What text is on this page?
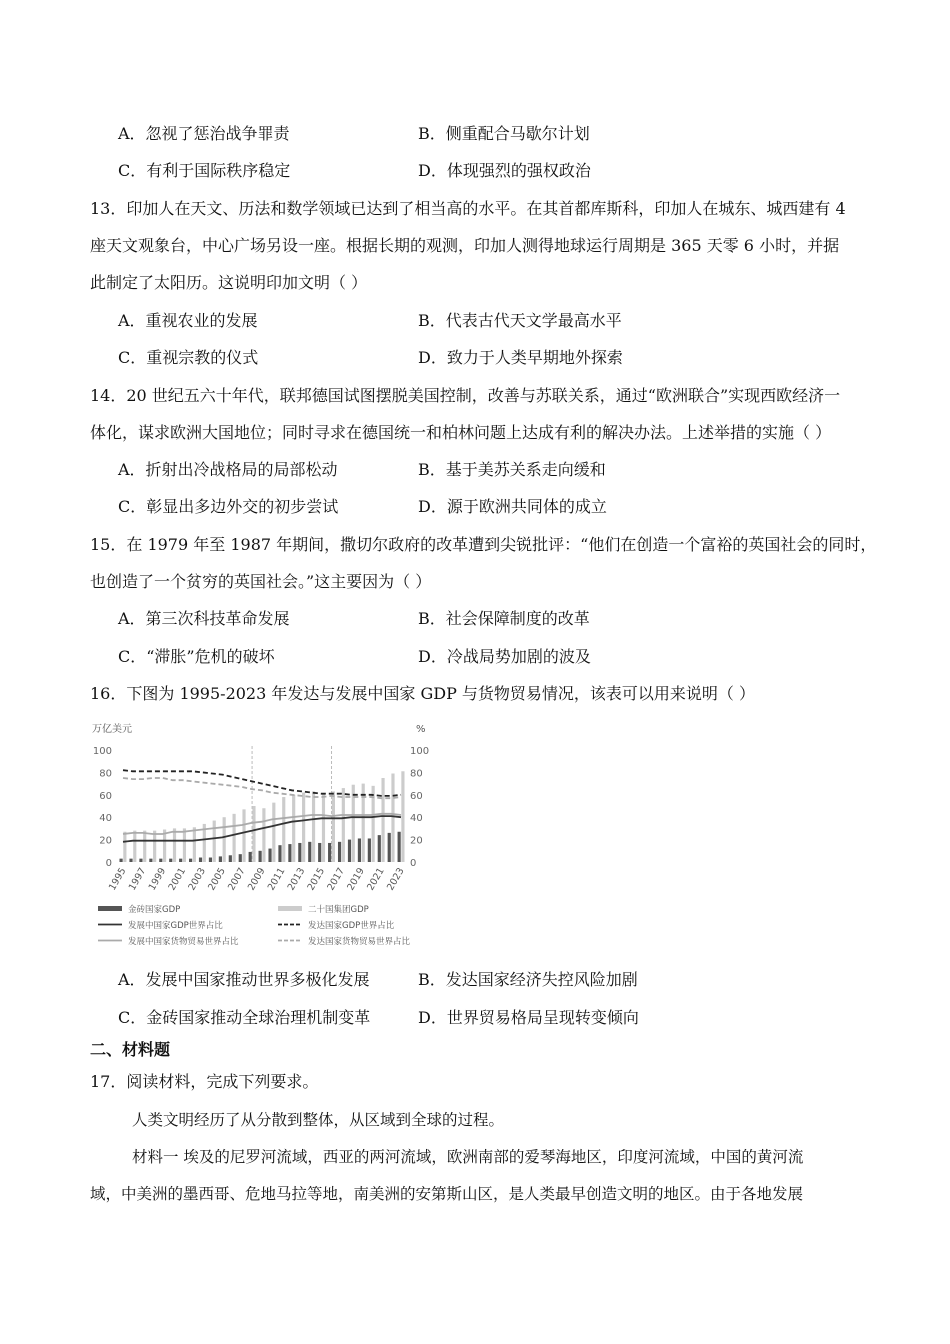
A．忽视了惩治战争罪责	B．侧重配合马歇尔计划
C．有利于国际秩序稳定	D．体现强烈的强权政治
13．印加人在天文、历法和数学领域已达到了相当高的水平。在其首都库斯科，印加人在城东、城西建有 4
座天文观象台，中心广场另设一座。根据长期的观测，印加人测得地球运行周期是 365 天零 6 小时，并据
此制定了太阳历。这说明印加文明（ ）
A．重视农业的发展	B．代表古代天文学最高水平
C．重视宗教的仪式	D．致力于人类早期地外探索
14．20 世纪五六十年代，联邦德国试图摆脱美国控制，改善与苏联关系，通过“欧洲联合”实现西欧经济一
体化，谋求欧洲大国地位；同时寻求在德国统一和柏林问题上达成有利的解决办法。上述举措的实施（ ）
A．折射出冷战格局的局部松动	B．基于美苏关系走向缓和
C．彰显出多边外交的初步尝试	D．源于欧洲共同体的成立
15．在 1979 年至 1987 年期间，撒切尔政府的改革遭到尖锐批评：“他们在创造一个富裕的英国社会的同时，
也创造了一个贫穷的英国社会。”这主要因为（ ）
A．第三次科技革命发展	B．社会保障制度的改革
C．“滞胀”危机的破坏	D．冷战局势加剧的波及
16．下图为 1995-2023 年发达与发展中国家 GDP 与货物贸易情况，该表可以用来说明（ ）
万亿美元	%
0	0
20	20
40	40
60	60
80	80
100	100
1995
1997
1999
2001
2003
2005
2007
2009
2011
2013
2015
2017
2019
2021
2023
金砖国家GDP	二十国集团GDP
发展中国家GDP世界占比	发达国家GDP世界占比
发展中国家货物贸易世界占比	发达国家货物贸易世界占比
A．发展中国家推动世界多极化发展	B．发达国家经济失控风险加剧
C．金砖国家推动全球治理机制变革	D．世界贸易格局呈现转变倾向
二、材料题
17．阅读材料，完成下列要求。
人类文明经历了从分散到整体，从区域到全球的过程。
材料一 埃及的尼罗河流域，西亚的两河流域，欧洲南部的爱琴海地区，印度河流域，中国的黄河流
域，中美洲的墨西哥、危地马拉等地，南美洲的安第斯山区，是人类最早创造文明的地区。由于各地发展
